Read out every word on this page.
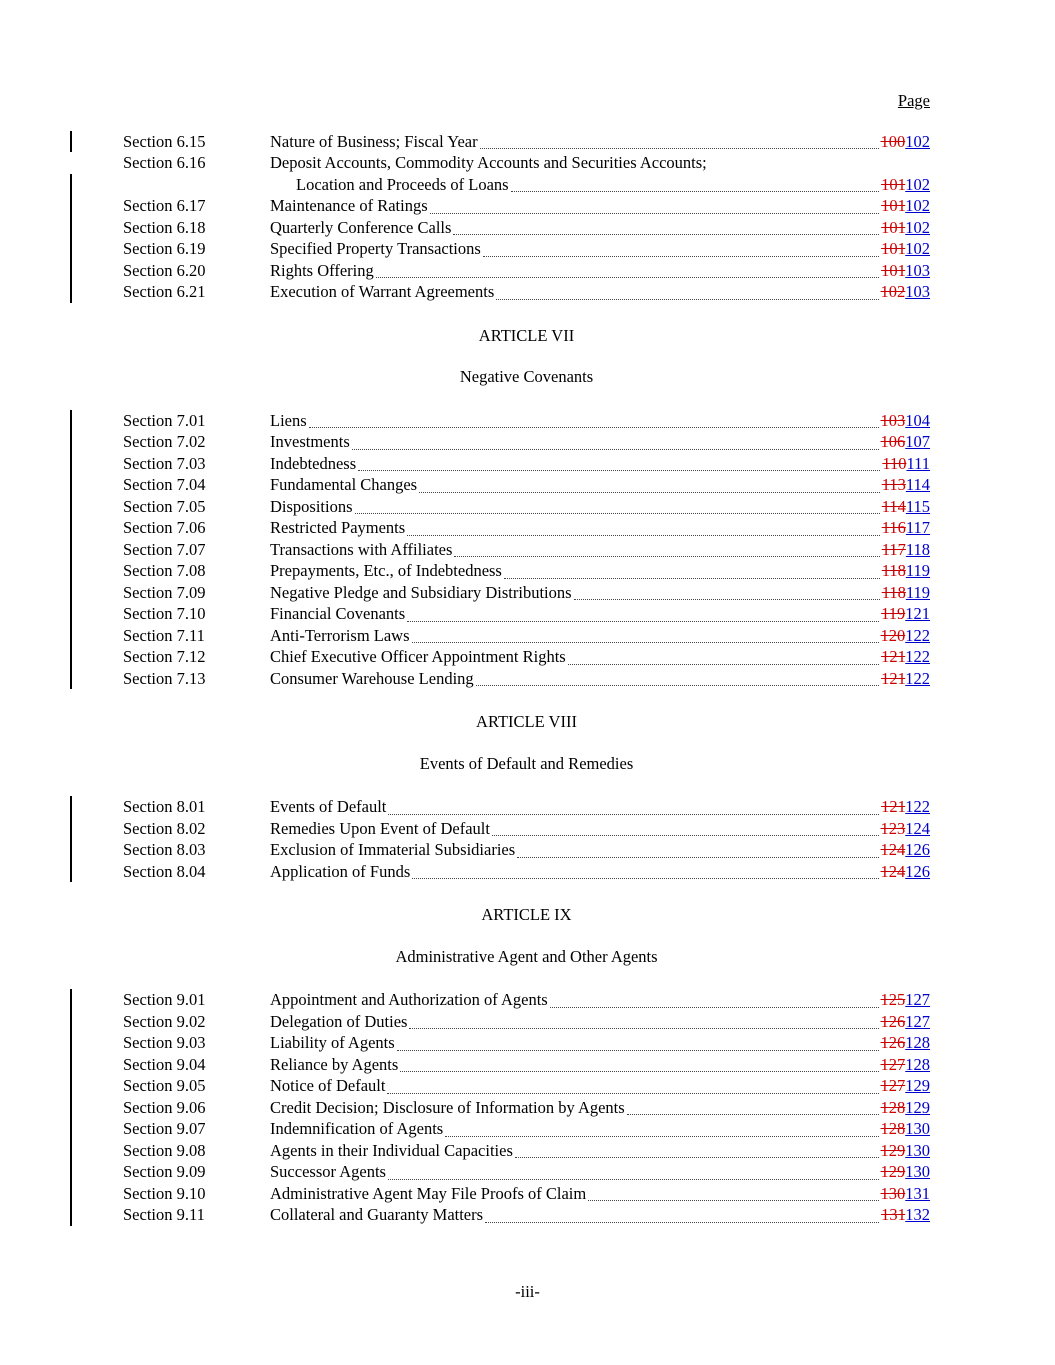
Page
Section 6.15	Nature of Business; Fiscal Year	100102
Section 6.16	Deposit Accounts, Commodity Accounts and Securities Accounts;
Location and Proceeds of Loans	101102
Section 6.17	Maintenance of Ratings	101102
Section 6.18	Quarterly Conference Calls	101102
Section 6.19	Specified Property Transactions	101102
Section 6.20	Rights Offering	101103
Section 6.21	Execution of Warrant Agreements	102103
ARTICLE VII
Negative Covenants
Section 7.01	Liens	103104
Section 7.02	Investments	106107
Section 7.03	Indebtedness	110111
Section 7.04	Fundamental Changes	113114
Section 7.05	Dispositions	114115
Section 7.06	Restricted Payments	116117
Section 7.07	Transactions with Affiliates	117118
Section 7.08	Prepayments, Etc., of Indebtedness	118119
Section 7.09	Negative Pledge and Subsidiary Distributions	118119
Section 7.10	Financial Covenants	119121
Section 7.11	Anti-Terrorism Laws	120122
Section 7.12	Chief Executive Officer Appointment Rights	121122
Section 7.13	Consumer Warehouse Lending	121122
ARTICLE VIII
Events of Default and Remedies
Section 8.01	Events of Default	121122
Section 8.02	Remedies Upon Event of Default	123124
Section 8.03	Exclusion of Immaterial Subsidiaries	124126
Section 8.04	Application of Funds	124126
ARTICLE IX
Administrative Agent and Other Agents
Section 9.01	Appointment and Authorization of Agents	125127
Section 9.02	Delegation of Duties	126127
Section 9.03	Liability of Agents	126128
Section 9.04	Reliance by Agents	127128
Section 9.05	Notice of Default	127129
Section 9.06	Credit Decision; Disclosure of Information by Agents	128129
Section 9.07	Indemnification of Agents	128130
Section 9.08	Agents in their Individual Capacities	129130
Section 9.09	Successor Agents	129130
Section 9.10	Administrative Agent May File Proofs of Claim	130131
Section 9.11	Collateral and Guaranty Matters	131132
-iii-
